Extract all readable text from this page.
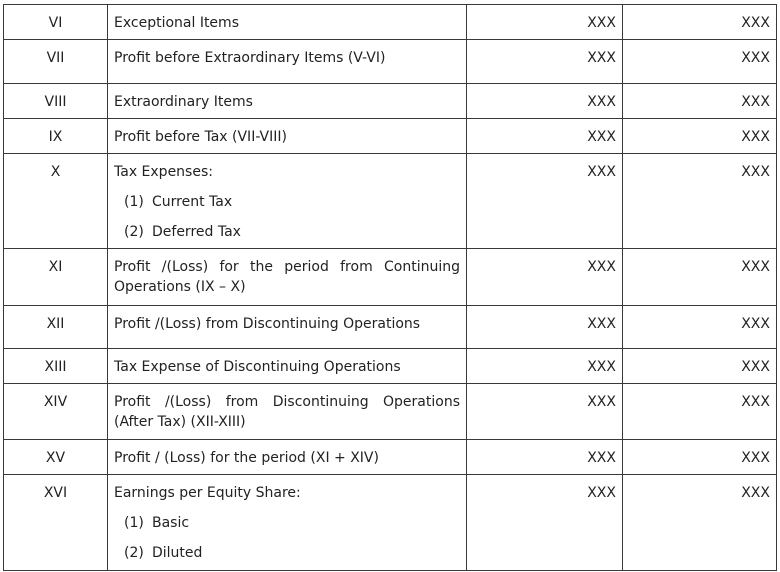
VI	Exceptional Items	XXX	XXX
VII	Profit before Extraordinary Items (V-VI)	XXX	XXX
VIII	Extraordinary Items	XXX	XXX
IX	Profit before Tax (VII-VIII)	XXX	XXX
X	Tax Expenses:
(1) Current Tax
(2) Deferred Tax	XXX	XXX
XI	Profit /(Loss) for the period from Continuing Operations (IX – X)	XXX	XXX
XII	Profit /(Loss) from Discontinuing Operations	XXX	XXX
XIII	Tax Expense of Discontinuing Operations	XXX	XXX
XIV	Profit /(Loss) from Discontinuing Operations (After Tax) (XII-XIII)	XXX	XXX
XV	Profit / (Loss) for the period (XI + XIV)	XXX	XXX
XVI	Earnings per Equity Share:
(1) Basic
(2) Diluted	XXX	XXX
